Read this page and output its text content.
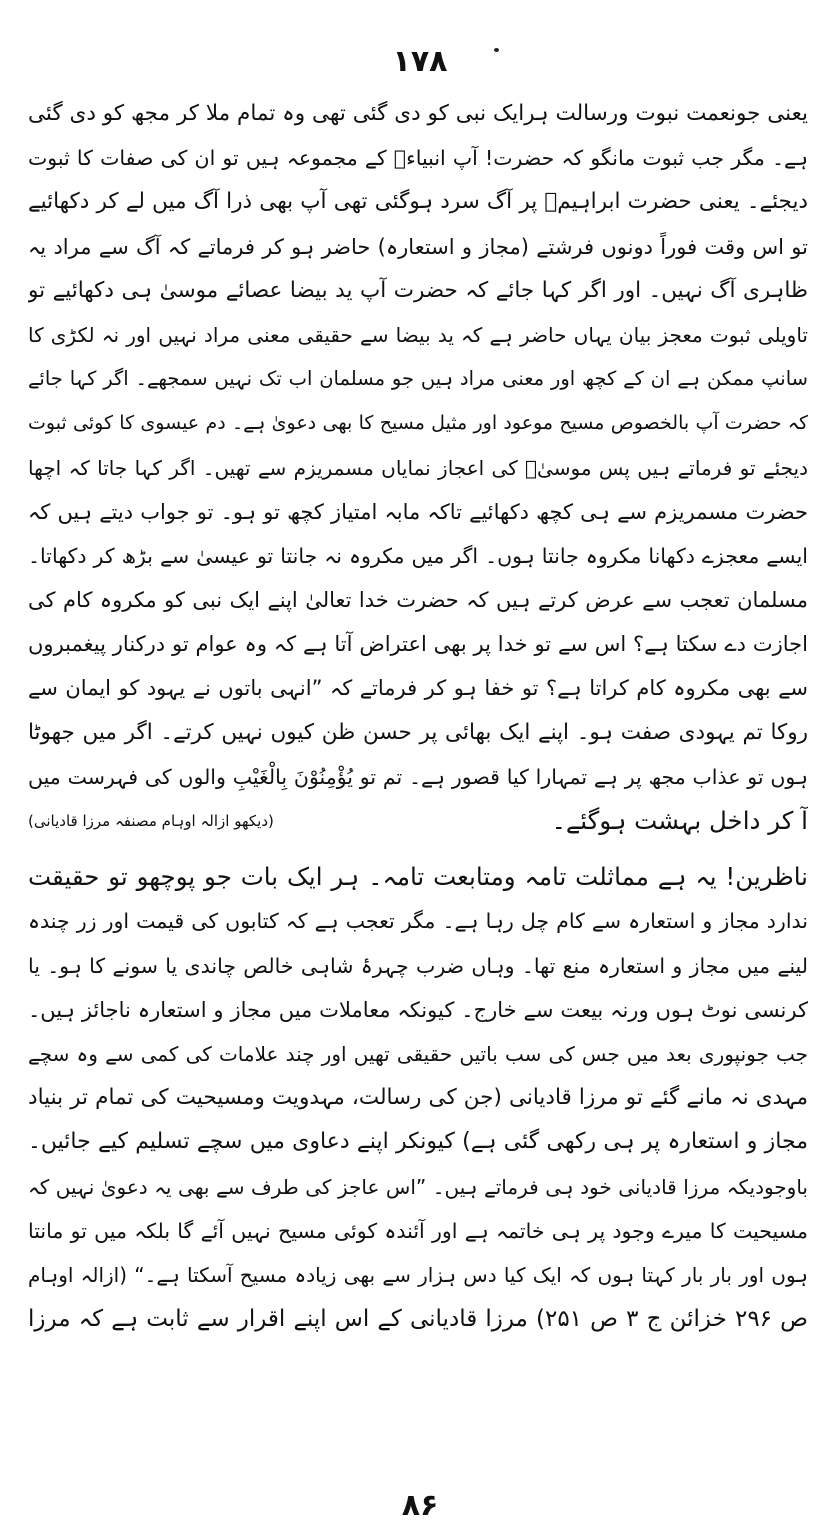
۱۷۸
یعنی جونعمت نبوت ورسالت ہرایک نبی کو دی گئی تھی وہ تمام ملا کر مجھ کو دی گئی
ہے۔ مگر جب ثبوت مانگو کہ حضرت! آپ انبیاءؑ کے مجموعہ ہیں تو ان کی صفات کا ثبوت
دیجئے۔ یعنی حضرت ابراہیمؑ پر آگ سرد ہوگئی تھی آپ بھی ذرا آگ میں لے کر دکھائیے
تو اس وقت فوراً دونوں فرشتے (مجاز و استعارہ) حاضر ہو کر فرماتے کہ آگ سے مراد یہ
ظاہری آگ نہیں۔ اور اگر کہا جائے کہ حضرت آپ ید بیضا عصائے موسیٰ ہی دکھائیے تو
تاویلی ثبوت معجز بیان یہاں حاضر ہے کہ ید بیضا سے حقیقی معنی مراد نہیں اور نہ لکڑی کا
سانپ ممکن ہے ان کے کچھ اور معنی مراد ہیں جو مسلمان اب تک نہیں سمجھے۔ اگر کہا جائے
کہ حضرت آپ بالخصوص مسیح موعود اور مثیل مسیح کا بھی دعویٰ ہے۔ دم عیسوی کا کوئی ثبوت
دیجئے تو فرماتے ہیں پس موسیٰؑ کی اعجاز نمایاں مسمریزم سے تھیں۔ اگر کہا جاتا کہ اچھا
حضرت مسمریزم سے ہی کچھ دکھائیے تاکہ مابہ امتیاز کچھ تو ہو۔ تو جواب دیتے ہیں کہ
ایسے معجزے دکھانا مکروہ جانتا ہوں۔ اگر میں مکروہ نہ جانتا تو عیسیٰ سے بڑھ کر دکھاتا۔
مسلمان تعجب سے عرض کرتے ہیں کہ حضرت خدا تعالیٰ اپنے ایک نبی کو مکروہ کام کی
اجازت دے سکتا ہے؟ اس سے تو خدا پر بھی اعتراض آتا ہے کہ وہ عوام تو درکنار پیغمبروں
سے بھی مکروہ کام کراتا ہے؟ تو خفا ہو کر فرماتے کہ ”انہی باتوں نے یہود کو ایمان سے
روکا تم یہودی صفت ہو۔ اپنے ایک بھائی پر حسن ظن کیوں نہیں کرتے۔ اگر میں جھوٹا
ہوں تو عذاب مجھ پر ہے تمہارا کیا قصور ہے۔ تم تو یُؤْمِنُوْنَ بِالْغَیْبِ والوں کی فہرست میں
آ کر داخل بہشت ہوگئے۔
(دیکھو ازالہ اوہام مصنفہ مرزا قادیانی)
ناظرین! یہ ہے مماثلت تامہ ومتابعت تامہ۔ ہر ایک بات جو پوچھو تو حقیقت
ندارد مجاز و استعارہ سے کام چل رہا ہے۔ مگر تعجب ہے کہ کتابوں کی قیمت اور زر چندہ
لینے میں مجاز و استعارہ منع تھا۔ وہاں ضرب چہرۂ شاہی خالص چاندی یا سونے کا ہو۔ یا
کرنسی نوٹ ہوں ورنہ بیعت سے خارج۔ کیونکہ معاملات میں مجاز و استعارہ ناجائز ہیں۔
جب جونپوری بعد میں جس کی سب باتیں حقیقی تھیں اور چند علامات کی کمی سے وہ سچے
مہدی نہ مانے گئے تو مرزا قادیانی (جن کی رسالت، مہدویت ومسیحیت کی تمام تر بنیاد
مجاز و استعارہ پر ہی رکھی گئی ہے) کیونکر اپنے دعاوی میں سچے تسلیم کیے جائیں۔
باوجودیکہ مرزا قادیانی خود ہی فرماتے ہیں۔ ”اس عاجز کی طرف سے بھی یہ دعویٰ نہیں کہ
مسیحیت کا میرے وجود پر ہی خاتمہ ہے اور آئندہ کوئی مسیح نہیں آئے گا بلکہ میں تو مانتا
ہوں اور بار بار کہتا ہوں کہ ایک کیا دس ہزار سے بھی زیادہ مسیح آسکتا ہے۔“ (ازالہ اوہام
ص ۲۹۶ خزائن ج ۳ ص ۲۵۱) مرزا قادیانی کے اس اپنے اقرار سے ثابت ہے کہ مرزا
۸۶
